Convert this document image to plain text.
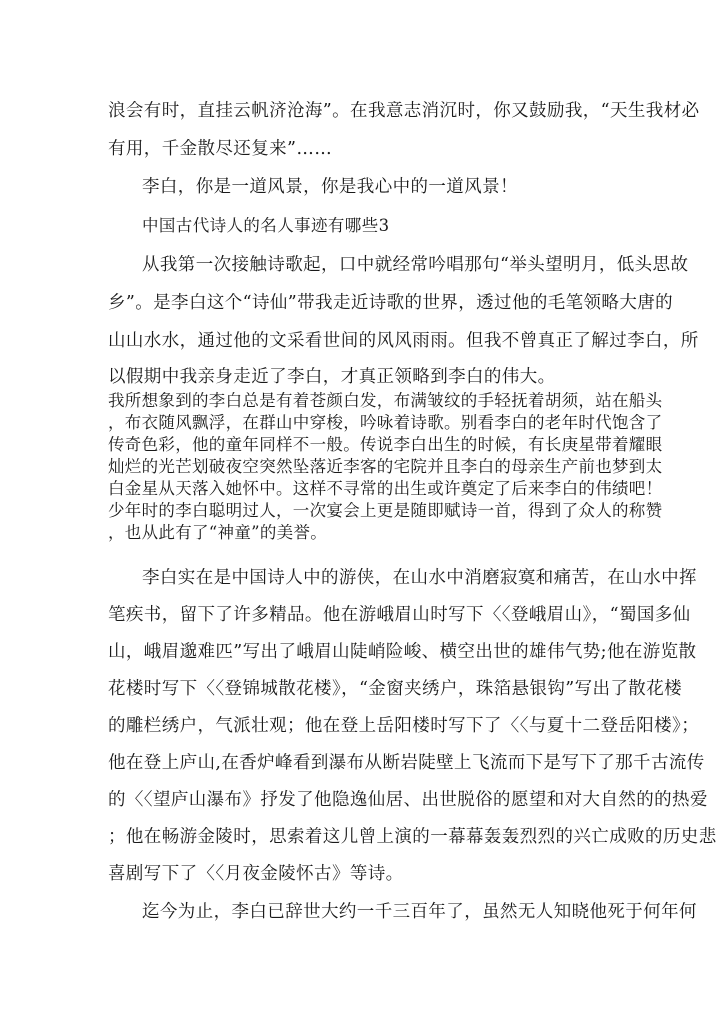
浪会有时，直挂云帆济沧海”。在我意志消沉时，你又鼓励我，“天生我材必
有用，千金散尽还复来”……
李白，你是一道风景，你是我心中的一道风景！
中国古代诗人的名人事迹有哪些3
从我第一次接触诗歌起，口中就经常吟唱那句“举头望明月，低头思故
乡”。是李白这个“诗仙”带我走近诗歌的世界，透过他的毛笔领略大唐的
山山水水，通过他的文采看世间的风风雨雨。但我不曾真正了解过李白，所
以假期中我亲身走近了李白，才真正领略到李白的伟大。
我所想象到的李白总是有着苍颜白发，布满皱纹的手轻抚着胡须，站在船头
，布衣随风飘浮，在群山中穿梭，吟咏着诗歌。别看李白的老年时代饱含了
传奇色彩，他的童年同样不一般。传说李白出生的时候，有长庚星带着耀眼
灿烂的光芒划破夜空突然坠落近李客的宅院并且李白的母亲生产前也梦到太
白金星从天落入她怀中。这样不寻常的出生或许奠定了后来李白的伟绩吧！
少年时的李白聪明过人，一次宴会上更是随即赋诗一首，得到了众人的称赞
，也从此有了“神童”的美誉。
李白实在是中国诗人中的游侠，在山水中消磨寂寞和痛苦，在山水中挥
笔疾书，留下了许多精品。他在游峨眉山时写下〈〈登峨眉山》，“蜀国多仙
山，峨眉邈难匹”写出了峨眉山陡峭险峻、横空出世的雄伟气势;他在游览散
花楼时写下〈〈登锦城散花楼》，“金窗夹绣户，珠箔悬银钩”写出了散花楼
的雕栏绣户，气派壮观；他在登上岳阳楼时写下了〈〈与夏十二登岳阳楼》；
他在登上庐山,在香炉峰看到瀑布从断岩陡壁上飞流而下是写下了那千古流传
的〈〈望庐山瀑布》抒发了他隐逸仙居、出世脱俗的愿望和对大自然的的热爱
；他在畅游金陵时，思索着这儿曾上演的一幕幕轰轰烈烈的兴亡成败的历史悲
喜剧写下了〈〈月夜金陵怀古》等诗。
迄今为止，李白已辞世大约一千三百年了，虽然无人知晓他死于何年何
